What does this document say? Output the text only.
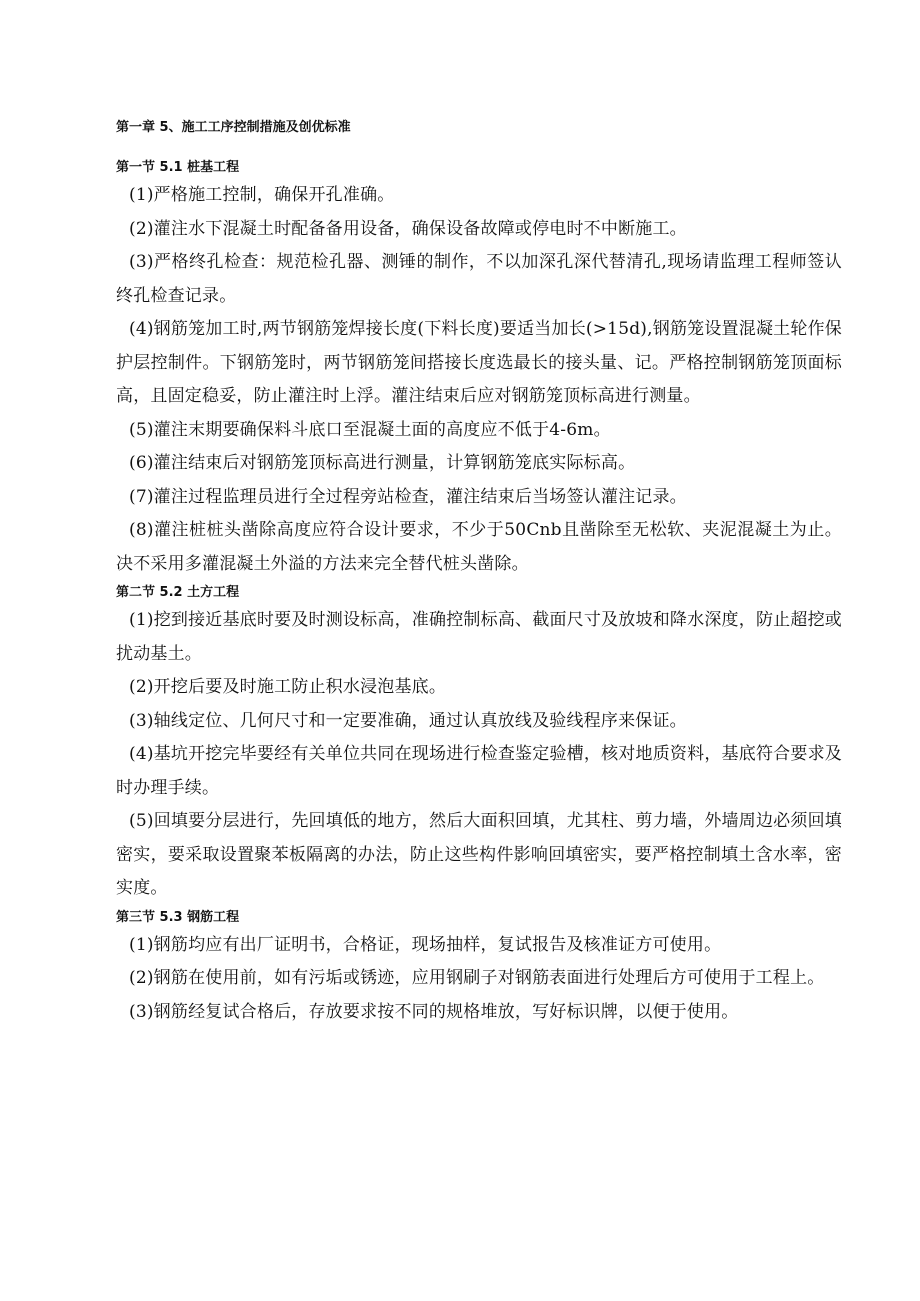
第一章 5、施工工序控制措施及创优标准
第一节 5.1 桩基工程

(1)严格施工控制，确保开孔准确。

(2)灌注水下混凝土时配备备用设备，确保设备故障或停电时不中断施工。

(3)严格终孔检查：规范检孔器、测锤的制作，不以加深孔深代替清孔,现场请监理工程师签认终孔检查记录。

(4)钢筋笼加工时,两节钢筋笼焊接长度(下料长度)要适当加长(>15d),钢筋笼设置混凝土轮作保护层控制件。下钢筋笼时，两节钢筋笼间搭接长度选最长的接头量、记。严格控制钢筋笼顶面标高，且固定稳妥，防止灌注时上浮。灌注结束后应对钢筋笼顶标高进行测量。

(5)灌注末期要确保料斗底口至混凝土面的高度应不低于4-6m。

(6)灌注结束后对钢筋笼顶标高进行测量，计算钢筋笼底实际标高。

(7)灌注过程监理员进行全过程旁站检查，灌注结束后当场签认灌注记录。

(8)灌注桩桩头凿除高度应符合设计要求，不少于50Cnb且凿除至无松软、夹泥混凝土为止。决不采用多灌混凝土外溢的方法来完全替代桩头凿除。

第二节 5.2 土方工程

(1)挖到接近基底时要及时测设标高，准确控制标高、截面尺寸及放坡和降水深度，防止超挖或扰动基土。

(2)开挖后要及时施工防止积水浸泡基底。

(3)轴线定位、几何尺寸和一定要准确，通过认真放线及验线程序来保证。

(4)基坑开挖完毕要经有关单位共同在现场进行检查鉴定验槽，核对地质资料，基底符合要求及时办理手续。

(5)回填要分层进行，先回填低的地方，然后大面积回填，尤其柱、剪力墙，外墙周边必须回填密实，要采取设置聚苯板隔离的办法，防止这些构件影响回填密实，要严格控制填土含水率，密实度。

第三节 5.3 钢筋工程

(1)钢筋均应有出厂证明书，合格证，现场抽样，复试报告及核准证方可使用。

(2)钢筋在使用前，如有污垢或锈迹，应用钢刷子对钢筋表面进行处理后方可使用于工程上。

(3)钢筋经复试合格后，存放要求按不同的规格堆放，写好标识牌，以便于使用。
